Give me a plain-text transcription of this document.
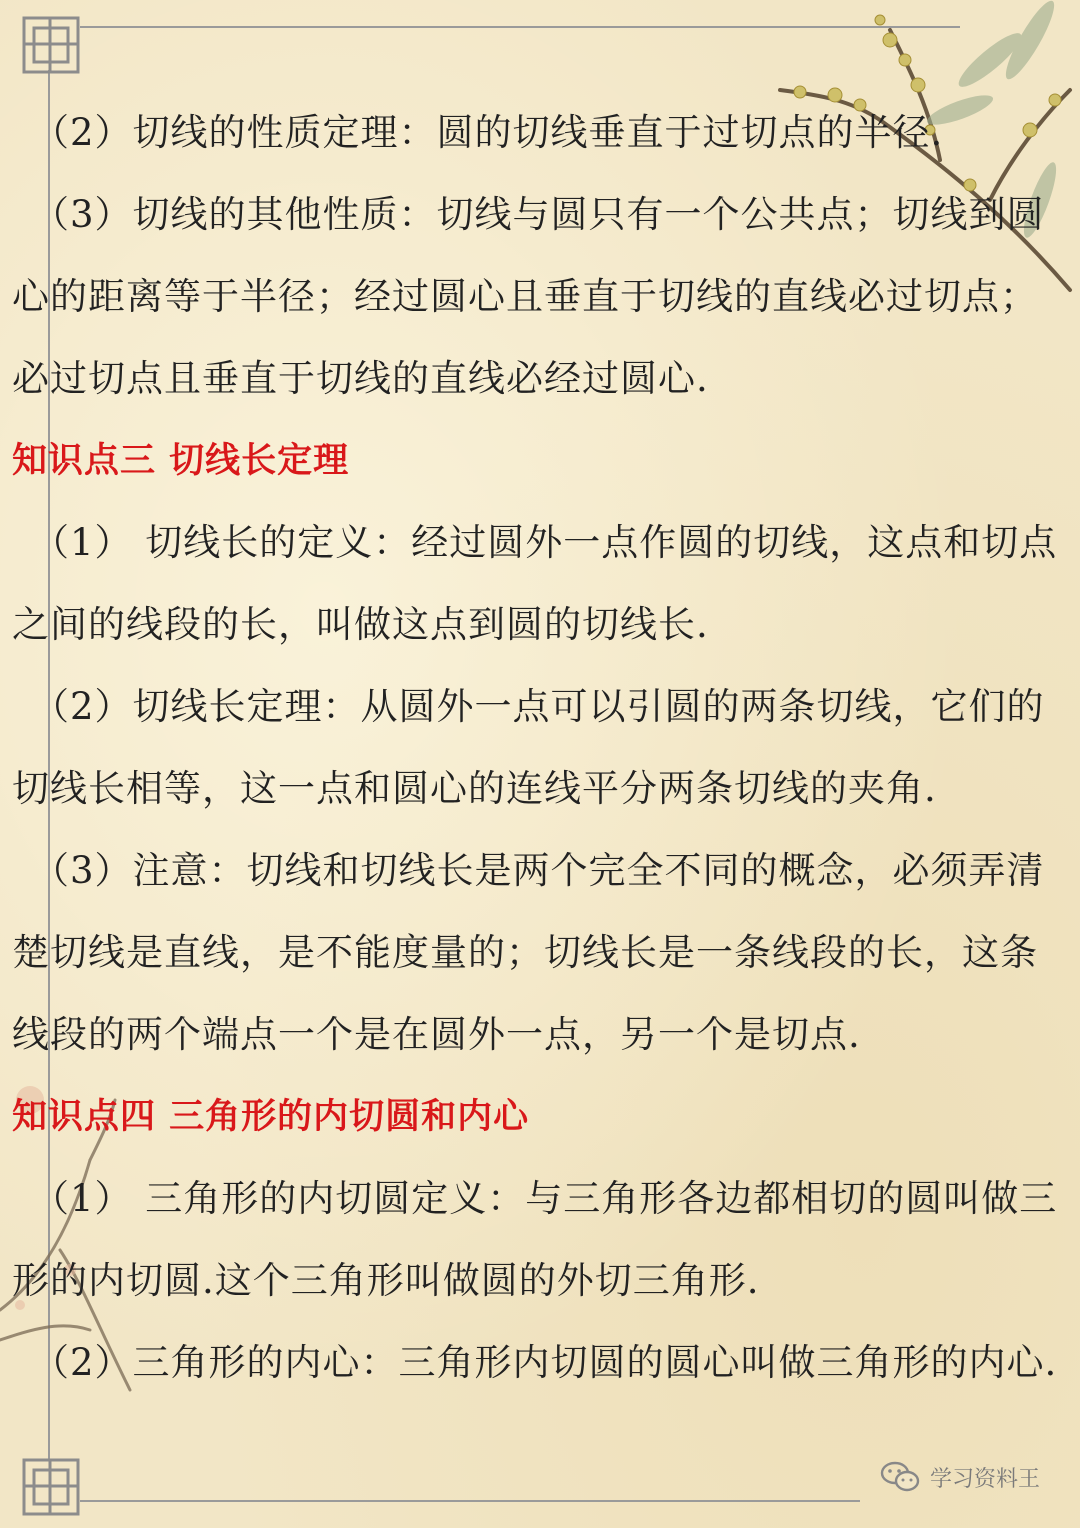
（2）切线的性质定理：圆的切线垂直于过切点的半径.

（3）切线的其他性质：切线与圆只有一个公共点；切线到圆

心的距离等于半径；经过圆心且垂直于切线的直线必过切点；

必过切点且垂直于切线的直线必经过圆心.

知识点三 切线长定理

（1） 切线长的定义：经过圆外一点作圆的切线，这点和切点

之间的线段的长，叫做这点到圆的切线长.

（2）切线长定理：从圆外一点可以引圆的两条切线，它们的

切线长相等，这一点和圆心的连线平分两条切线的夹角.

（3）注意：切线和切线长是两个完全不同的概念，必须弄清

楚切线是直线，是不能度量的；切线长是一条线段的长，这条

线段的两个端点一个是在圆外一点，另一个是切点.

知识点四 三角形的内切圆和内心

（1） 三角形的内切圆定义：与三角形各边都相切的圆叫做三

形的内切圆.这个三角形叫做圆的外切三角形.

（2）三角形的内心：三角形内切圆的圆心叫做三角形的内心.

学习资料王
